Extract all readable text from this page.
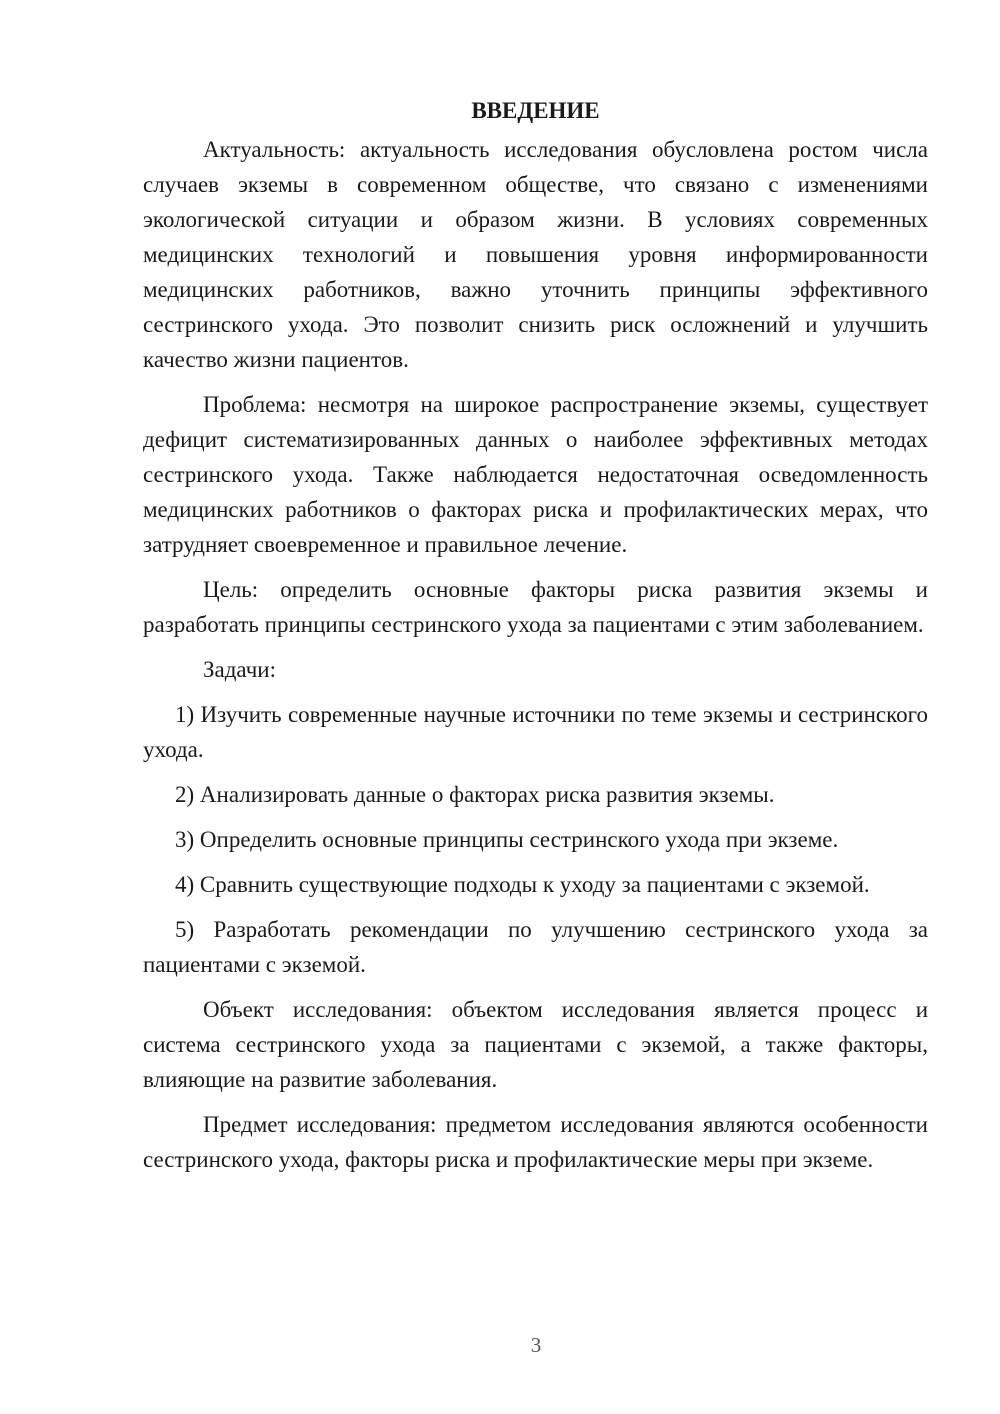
ВВЕДЕНИЕ

Актуальность: актуальность исследования обусловлена ростом числа случаев экземы в современном обществе, что связано с изменениями экологической ситуации и образом жизни. В условиях современных медицинских технологий и повышения уровня информированности медицинских работников, важно уточнить принципы эффективного сестринского ухода. Это позволит снизить риск осложнений и улучшить качество жизни пациентов.

Проблема: несмотря на широкое распространение экземы, существует дефицит систематизированных данных о наиболее эффективных методах сестринского ухода. Также наблюдается недостаточная осведомленность медицинских работников о факторах риска и профилактических мерах, что затрудняет своевременное и правильное лечение.

Цель: определить основные факторы риска развития экземы и разработать принципы сестринского ухода за пациентами с этим заболеванием.

Задачи:

1) Изучить современные научные источники по теме экземы и сестринского ухода.

2) Анализировать данные о факторах риска развития экземы.

3) Определить основные принципы сестринского ухода при экземе.

4) Сравнить существующие подходы к уходу за пациентами с экземой.

5) Разработать рекомендации по улучшению сестринского ухода за пациентами с экземой.

Объект исследования: объектом исследования является процесс и система сестринского ухода за пациентами с экземой, а также факторы, влияющие на развитие заболевания.

Предмет исследования: предметом исследования являются особенности сестринского ухода, факторы риска и профилактические меры при экземе.

3
